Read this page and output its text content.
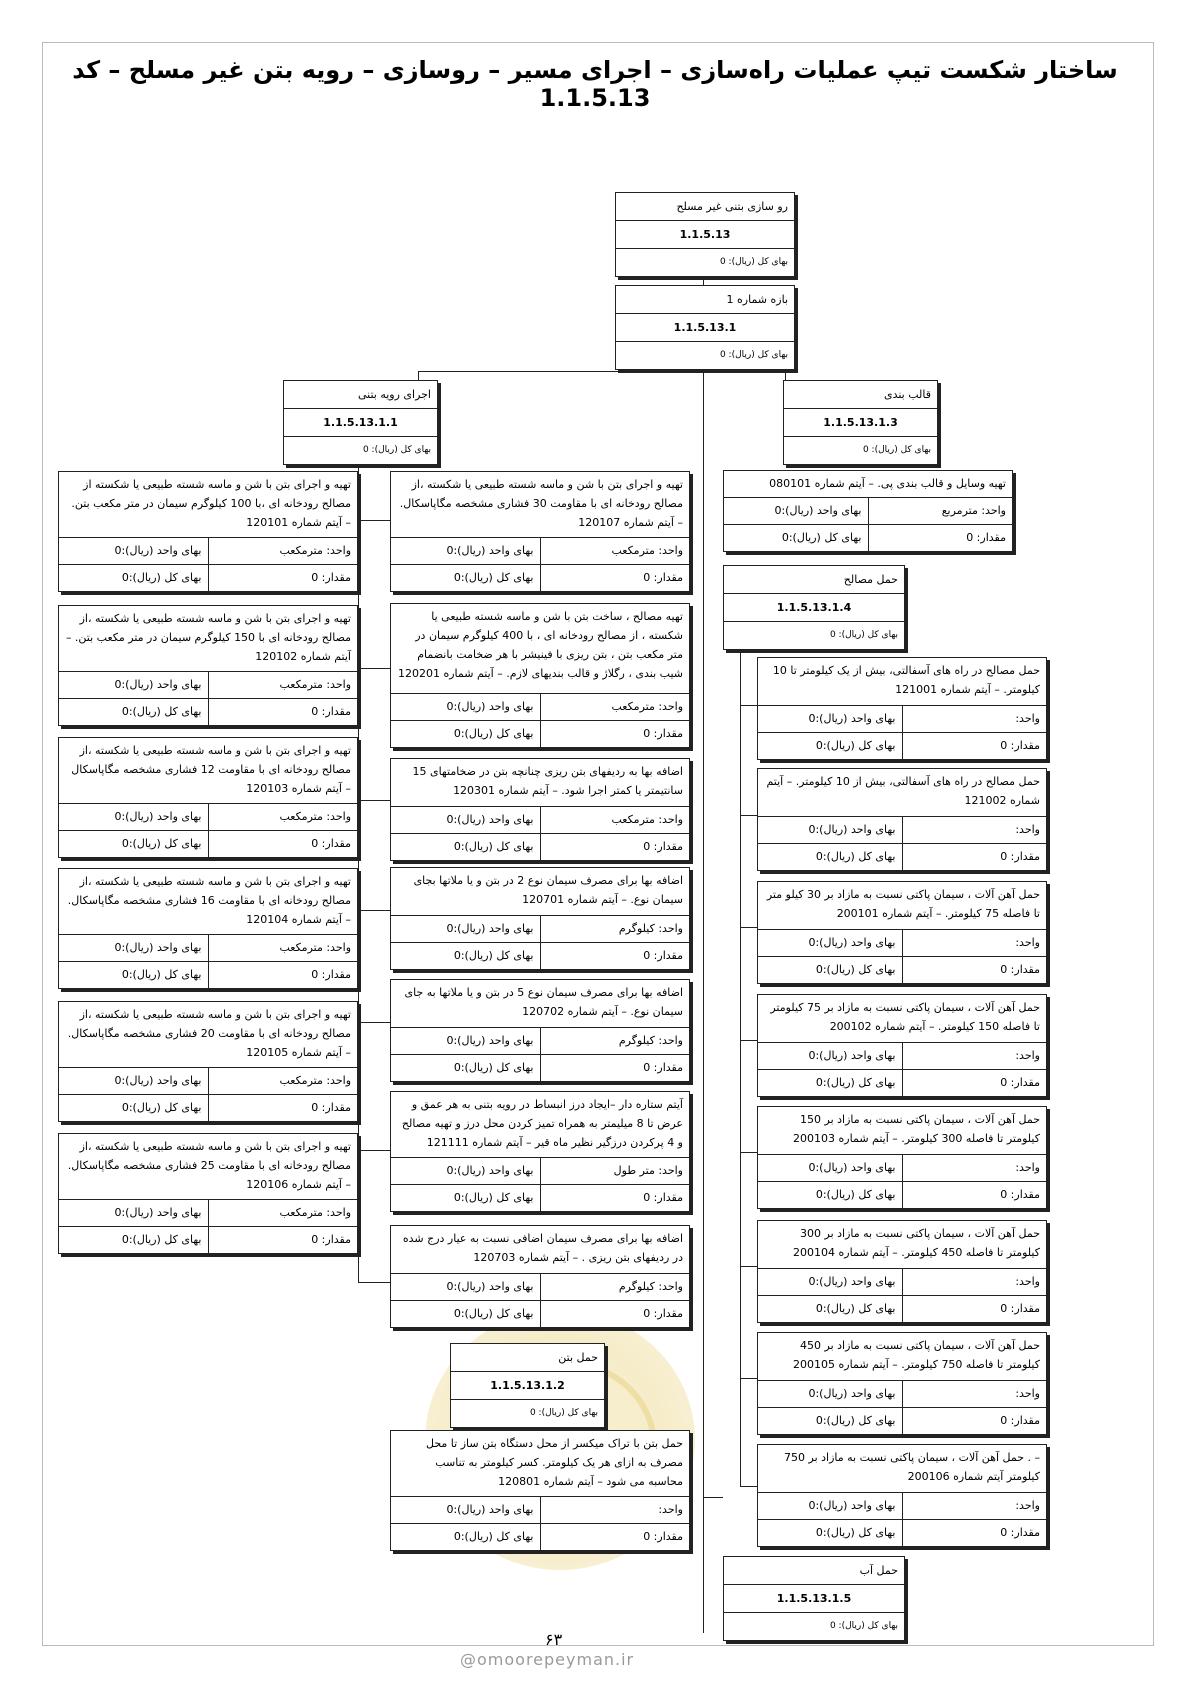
ساختار شکست تیپ عملیات راه‌سازی – اجرای مسیر – روسازی – رویه بتن غیر مسلح – کد 1.1.5.13
رو سازی بتنی غیر مسلح
1.1.5.13
بهای کل (ریال): 0
بازه شماره 1
1.1.5.13.1
بهای کل (ریال): 0
اجرای رویه بتنی
1.1.5.13.1.1
بهای کل (ریال): 0
قالب بندی
1.1.5.13.1.3
بهای کل (ریال): 0
حمل مصالح
1.1.5.13.1.4
بهای کل (ریال): 0
حمل بتن
1.1.5.13.1.2
بهای کل (ریال): 0
حمل آب
1.1.5.13.1.5
بهای کل (ریال): 0
تهیه و اجرای بتن با شن و ماسه شسته طبیعی یا شکسته از مصالح رودخانه ای ،با 100 کیلوگرم سیمان در متر مکعب بتن. – آیتم شماره 120101
واحد: مترمکعب
بهای واحد (ریال):0
مقدار: 0
بهای کل (ریال):0
تهیه و اجرای بتن با شن و ماسه شسته طبیعی یا شکسته ،از مصالح رودخانه ای با 150 کیلوگرم سیمان در متر مکعب بتن. – آیتم شماره 120102
واحد: مترمکعب
بهای واحد (ریال):0
مقدار: 0
بهای کل (ریال):0
تهیه و اجرای بتن با شن و ماسه شسته طبیعی یا شکسته ،از مصالح رودخانه ای با مقاومت 12 فشاری مشخصه مگاپاسکال – آیتم شماره 120103
واحد: مترمکعب
بهای واحد (ریال):0
مقدار: 0
بهای کل (ریال):0
تهیه و اجرای بتن با شن و ماسه شسته طبیعی یا شکسته ،از مصالح رودخانه ای با مقاومت 16 فشاری مشخصه مگاپاسکال. – آیتم شماره 120104
واحد: مترمکعب
بهای واحد (ریال):0
مقدار: 0
بهای کل (ریال):0
تهیه و اجرای بتن با شن و ماسه شسته طبیعی یا شکسته ،از مصالح رودخانه ای با مقاومت 20 فشاری مشخصه مگاپاسکال. – آیتم شماره 120105
واحد: مترمکعب
بهای واحد (ریال):0
مقدار: 0
بهای کل (ریال):0
تهیه و اجرای بتن با شن و ماسه شسته طبیعی یا شکسته ،از مصالح رودخانه ای با مقاومت 25 فشاری مشخصه مگاپاسکال. – آیتم شماره 120106
واحد: مترمکعب
بهای واحد (ریال):0
مقدار: 0
بهای کل (ریال):0
تهیه و اجرای بتن با شن و ماسه شسته طبیعی یا شکسته ،از مصالح رودخانه ای با مقاومت 30 فشاری مشخصه مگاپاسکال. – آیتم شماره 120107
واحد: مترمکعب
بهای واحد (ریال):0
مقدار: 0
بهای کل (ریال):0
تهیه مصالح ، ساخت بتن با شن و ماسه شسته طبیعی یا شکسته ، از مصالح رودخانه ای ، با 400 کیلوگرم سیمان در متر مکعب بتن ، بتن ریزی با فینیشر با هر ضخامت بانضمام شیب بندی ، رگلاژ و قالب بندیهای لازم. – آیتم شماره 120201
واحد: مترمکعب
بهای واحد (ریال):0
مقدار: 0
بهای کل (ریال):0
اضافه بها به ردیفهای بتن ریزی چنانچه بتن در ضخامتهای 15 سانتیمتر یا کمتر اجرا شود. – آیتم شماره 120301
واحد: مترمکعب
بهای واحد (ریال):0
مقدار: 0
بهای کل (ریال):0
اضافه بها برای مصرف سیمان نوع 2 در بتن و یا ملاتها بجای سیمان نوع. – آیتم شماره 120701
واحد: کیلوگرم
بهای واحد (ریال):0
مقدار: 0
بهای کل (ریال):0
اضافه بها برای مصرف سیمان نوع 5 در بتن و یا ملاتها به جای سیمان نوع. – آیتم شماره 120702
واحد: کیلوگرم
بهای واحد (ریال):0
مقدار: 0
بهای کل (ریال):0
آیتم ستاره دار –ایجاد درز انبساط در رویه بتنی به هر عمق و عرض تا 8 میلیمتر به همراه تمیز کردن محل درز و تهیه مصالح و 4 پرکردن درزگیر نظیر ماه قیر – آیتم شماره 121111
واحد: متر طول
بهای واحد (ریال):0
مقدار: 0
بهای کل (ریال):0
اضافه بها برای مصرف سیمان اضافی نسبت به عیار درج شده در ردیفهای بتن ریزی . – آیتم شماره 120703
واحد: کیلوگرم
بهای واحد (ریال):0
مقدار: 0
بهای کل (ریال):0
حمل بتن با تراک میکسر از محل دستگاه بتن ساز تا محل مصرف به ازای هر یک کیلومتر. کسر کیلومتر به تناسب محاسبه می شود – آیتم شماره 120801
واحد:
بهای واحد (ریال):0
مقدار: 0
بهای کل (ریال):0
تهیه وسایل و قالب بندی پی. – آیتم شماره 080101
واحد: مترمربع
بهای واحد (ریال):0
مقدار: 0
بهای کل (ریال):0
حمل مصالح در راه های آسفالتی، بیش از یک کیلومتر تا 10 کیلومتر. – آیتم شماره 121001
واحد:
بهای واحد (ریال):0
مقدار: 0
بهای کل (ریال):0
حمل مصالح در راه های آسفالتی، بیش از 10 کیلومتر. – آیتم شماره 121002
واحد:
بهای واحد (ریال):0
مقدار: 0
بهای کل (ریال):0
حمل آهن آلات ، سیمان پاکتی نسبت به مازاد بر 30 کیلو متر تا فاصله 75 کیلومتر. – آیتم شماره 200101
واحد:
بهای واحد (ریال):0
مقدار: 0
بهای کل (ریال):0
حمل آهن آلات ، سیمان پاکتی نسبت به مازاد بر 75 کیلومتر تا فاصله 150 کیلومتر. – آیتم شماره 200102
واحد:
بهای واحد (ریال):0
مقدار: 0
بهای کل (ریال):0
حمل آهن آلات ، سیمان پاکتی نسبت به مازاد بر 150 کیلومتر تا فاصله 300 کیلومتر. – آیتم شماره 200103
واحد:
بهای واحد (ریال):0
مقدار: 0
بهای کل (ریال):0
حمل آهن آلات ، سیمان پاکتی نسبت به مازاد بر 300 کیلومتر تا فاصله 450 کیلومتر. – آیتم شماره 200104
واحد:
بهای واحد (ریال):0
مقدار: 0
بهای کل (ریال):0
حمل آهن آلات ، سیمان پاکتی نسبت به مازاد بر 450 کیلومتر تا فاصله 750 کیلومتر. – آیتم شماره 200105
واحد:
بهای واحد (ریال):0
مقدار: 0
بهای کل (ریال):0
– . حمل آهن آلات ، سیمان پاکتی نسبت به مازاد بر 750 کیلومتر آیتم شماره 200106
واحد:
بهای واحد (ریال):0
مقدار: 0
بهای کل (ریال):0
۶۳
@omoorepeyman.ir
